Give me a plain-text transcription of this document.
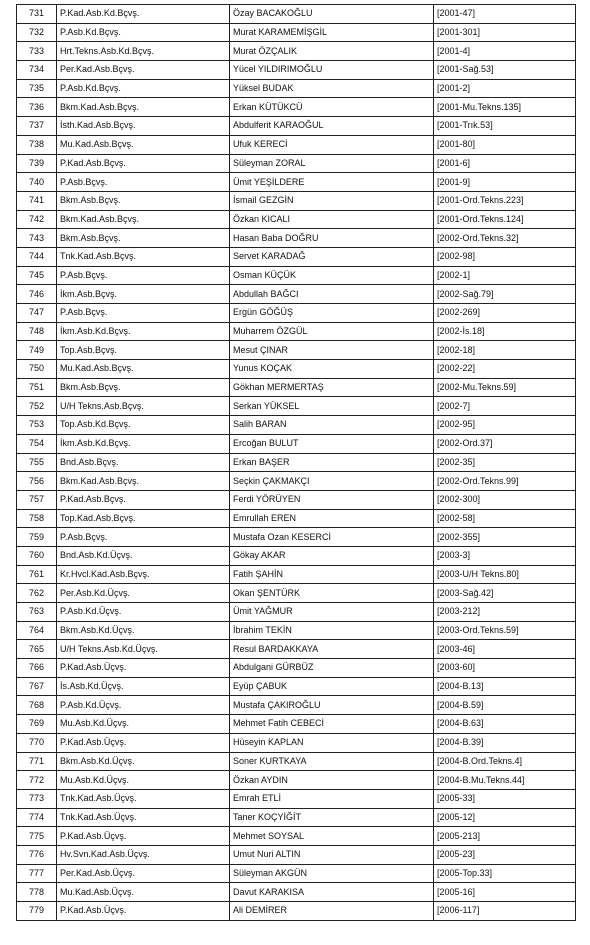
731	P.Kad.Asb.Kd.Bçvş.	Özay BACAKOĞLU	[2001-47]
732	P.Asb.Kd.Bçvş.	Murat KARAMEMİŞGİL	[2001-301]
733	Hrt.Tekns.Asb.Kd.Bçvş.	Murat ÖZÇALIK	[2001-4]
734	Per.Kad.Asb.Bçvş.	Yücel YILDIRIMOĞLU	[2001-Sağ.53]
735	P.Asb.Kd.Bçvş.	Yüksel BUDAK	[2001-2]
736	Bkm.Kad.Asb.Bçvş.	Erkan KÜTÜKCÜ	[2001-Mu.Tekns.135]
737	İsth.Kad.Asb.Bçvş.	Abdulferit KARAOĞUL	[2001-Trık.53]
738	Mu.Kad.Asb.Bçvş.	Ufuk KERECİ	[2001-80]
739	P.Kad.Asb.Bçvş.	Süleyman ZORAL	[2001-6]
740	P.Asb.Bçvş.	Ümit YEŞİLDERE	[2001-9]
741	Bkm.Asb.Bçvş.	İsmail GEZGİN	[2001-Ord.Tekns.223]
742	Bkm.Kad.Asb.Bçvş.	Özkan KICALI	[2001-Ord.Tekns.124]
743	Bkm.Asb.Bçvş.	Hasan Baba DOĞRU	[2002-Ord.Tekns.32]
744	Tnk.Kad.Asb.Bçvş.	Servet KARADAĞ	[2002-98]
745	P.Asb.Bçvş.	Osman KÜÇÜK	[2002-1]
746	İkm.Asb.Bçvş.	Abdullah BAĞCI	[2002-Sağ.79]
747	P.Asb.Bçvş.	Ergün GÖĞÜŞ	[2002-269]
748	İkm.Asb.Kd.Bçvş.	Muharrem ÖZGÜL	[2002-İs.18]
749	Top.Asb.Bçvş.	Mesut ÇINAR	[2002-18]
750	Mu.Kad.Asb.Bçvş.	Yunus KOÇAK	[2002-22]
751	Bkm.Asb.Bçvş.	Gökhan MERMERTAŞ	[2002-Mu.Tekns.59]
752	U/H Tekns.Asb.Bçvş.	Serkan YÜKSEL	[2002-7]
753	Top.Asb.Kd.Bçvş.	Salih BARAN	[2002-95]
754	İkm.Asb.Kd.Bçvş.	Ercoğan BULUT	[2002-Ord.37]
755	Bnd.Asb.Bçvş.	Erkan BAŞER	[2002-35]
756	Bkm.Kad.Asb.Bçvş.	Seçkin ÇAKMAKÇI	[2002-Ord.Tekns.99]
757	P.Kad.Asb.Bçvş.	Ferdi YÖRÜYEN	[2002-300]
758	Top.Kad.Asb.Bçvş.	Emrullah EREN	[2002-58]
759	P.Asb.Bçvş.	Mustafa Ozan KESERCİ	[2002-355]
760	Bnd.Asb.Kd.Üçvş.	Gökay AKAR	[2003-3]
761	Kr.Hvcl.Kad.Asb.Bçvş.	Fatih ŞAHİN	[2003-U/H Tekns.80]
762	Per.Asb.Kd.Üçvş.	Okan ŞENTÜRK	[2003-Sağ.42]
763	P.Asb.Kd.Üçvş.	Ümit YAĞMUR	[2003-212]
764	Bkm.Asb.Kd.Üçvş.	İbrahim TEKİN	[2003-Ord.Tekns.59]
765	U/H Tekns.Asb.Kd.Üçvş.	Resul BARDAKKAYA	[2003-46]
766	P.Kad.Asb.Üçvş.	Abdulgani GÜRBÜZ	[2003-60]
767	İs.Asb.Kd.Üçvş.	Eyüp ÇABUK	[2004-B.13]
768	P.Asb.Kd.Üçvş.	Mustafa ÇAKIROĞLU	[2004-B.59]
769	Mu.Asb.Kd.Üçvş.	Mehmet Fatih CEBECİ	[2004-B.63]
770	P.Kad.Asb.Üçvş.	Hüseyin KAPLAN	[2004-B.39]
771	Bkm.Asb.Kd.Üçvş.	Soner KURTKAYA	[2004-B.Ord.Tekns.4]
772	Mu.Asb.Kd.Üçvş.	Özkan AYDIN	[2004-B.Mu.Tekns.44]
773	Tnk.Kad.Asb.Üçvş.	Emrah ETLİ	[2005-33]
774	Tnk.Kad.Asb.Üçvş.	Taner KOÇYİĞİT	[2005-12]
775	P.Kad.Asb.Üçvş.	Mehmet SOYSAL	[2005-213]
776	Hv.Svn.Kad.Asb.Üçvş.	Umut Nuri ALTIN	[2005-23]
777	Per.Kad.Asb.Üçvş.	Süleyman AKGÜN	[2005-Top.33]
778	Mu.Kad.Asb.Üçvş.	Davut KARAKISA	[2005-16]
779	P.Kad.Asb.Üçvş.	Ali DEMİRER	[2006-117]
